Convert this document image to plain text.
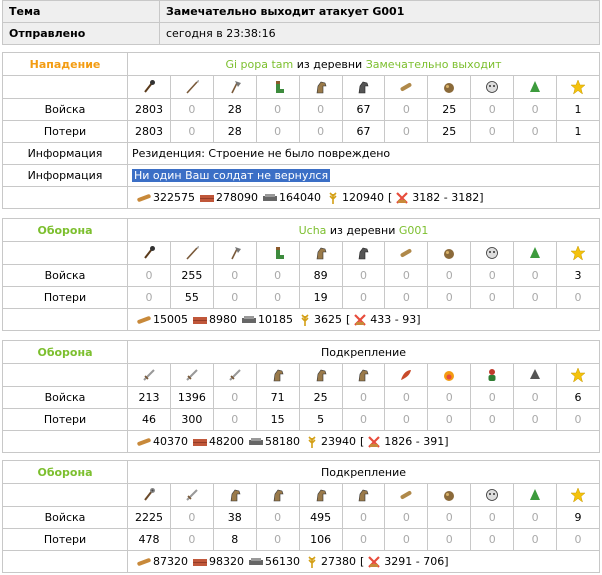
Тема	Замечательно выходит атакует G001
Отправлено	сегодня в 23:38:16
Нападение	Gi popa tam из деревни Замечательно выходит										

Войска	2803	0	28	0	0	67	0	25	0	0	1
Потери	2803	0	28	0	0	67	0	25	0	0	1
Информация	Резиденция: Строение не было повреждено										
Информация	Ни один Ваш солдат не вернулся										
	322575 278090 164040 120940 [ 3182 - 3182]										
Оборона	Ucha из деревни G001										

Войска	0	255	0	0	89	0	0	0	0	0	3
Потери	0	55	0	0	19	0	0	0	0	0	0
	15005 8980 10185 3625 [ 433 - 93]										
Оборона	Подкрепление										

Войска	213	1396	0	71	25	0	0	0	0	0	6
Потери	46	300	0	15	5	0	0	0	0	0	0
	40370 48200 58180 23940 [ 1826 - 391]										
Оборона	Подкрепление										

Войска	2225	0	38	0	495	0	0	0	0	0	9
Потери	478	0	8	0	106	0	0	0	0	0	0
	87320 98320 56130 27380 [ 3291 - 706]										
